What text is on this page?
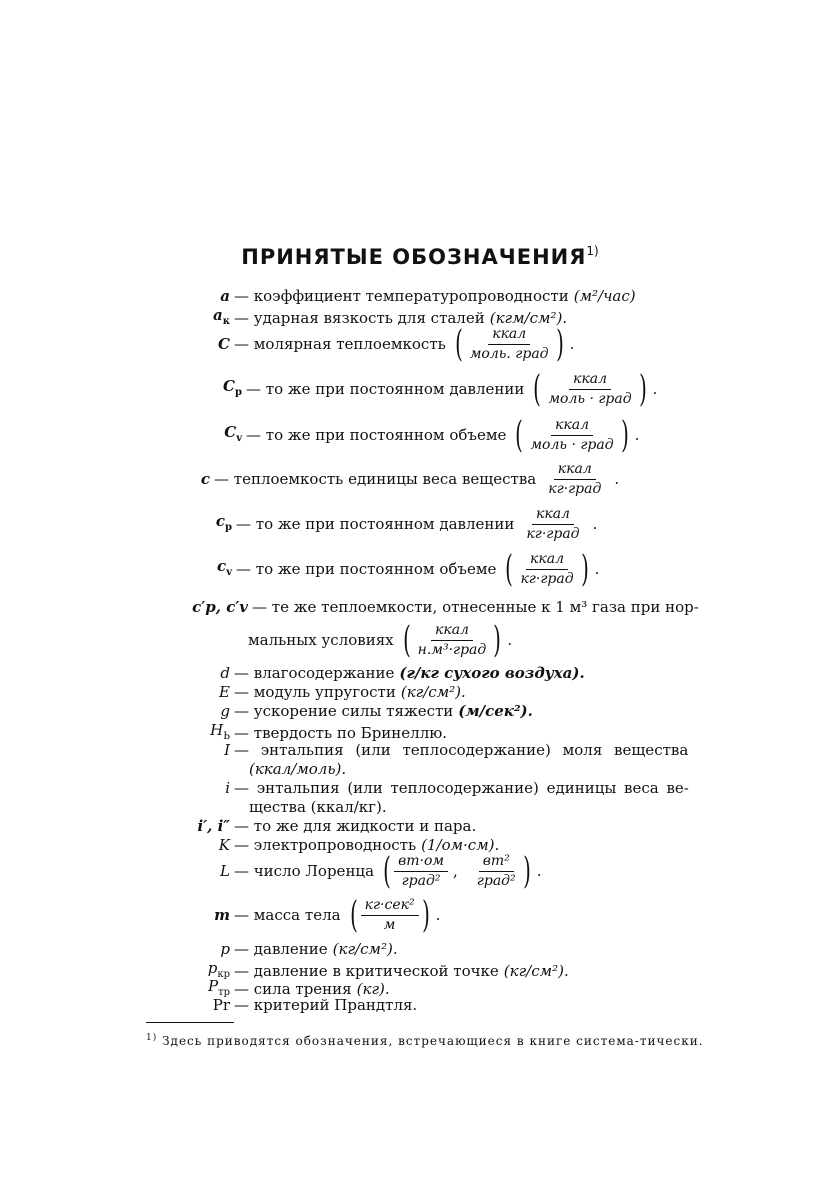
ПРИНЯТЫЕ ОБОЗНАЧЕНИЯ$^{1)}$
a — коэффициент температуропроводности (м²/час)
$a_к$ — ударная вязкость для сталей (кгм/см²).
C — молярная теплоемкость ( $\frac{\text{ккал}}{\text{моль. град}}$ ) .
$C_p$ — то же при постоянном давлении ( $\frac{\text{ккал}}{\text{моль · град}}$ ) .
$C_v$ — то же при постоянном объеме ( $\frac{\text{ккал}}{\text{моль · град}}$ ) .
c — теплоемкость единицы веса вещества $\frac{\text{ккал}}{\text{кг·град}}$ .
$c_p$ — то же при постоянном давлении $\frac{\text{ккал}}{\text{кг·град}}$ .
$c_v$ — то же при постоянном объеме ( $\frac{\text{ккал}}{\text{кг·град}}$ ) .
c′p, c′v — те же теплоемкости, отнесенные к 1 м³ газа при нор-
мальных условиях ( $\frac{\text{ккал}}{\text{н.м³·град}}$ ) .
d — влагосодержание (г/кг сухого воздуха).
E — модуль упругости (кг/см²).
g — ускорение силы тяжести (м/сек²).
$H_Ь$ — твердость по Бринеллю.
I — энтальпия (или теплосодержание) моля вещества
(ккал/моль).
i — энтальпия (или теплосодержание) единицы веса ве-
щества (ккал/кг).
i′, i″ — то же для жидкости и пара.
K — электропроводность (1/ом·см).
L — число Лоренца ( $\frac{вт\cdot ом}{\text{град²}}$ , $\frac{\text{вт²}}{\text{град²}}$ ) .
m — масса тела ( $\frac{\text{кг·сек²}}{м}$ ) .
p — давление (кг/см²).
$p_{кр}$ — давление в критической точке (кг/см²).
$P_{тр}$ — сила трения (кг).
Pr — критерий Прандтля.
$^{1)}$ Здесь приводятся обозначения, встречающиеся в книге система-тически.
